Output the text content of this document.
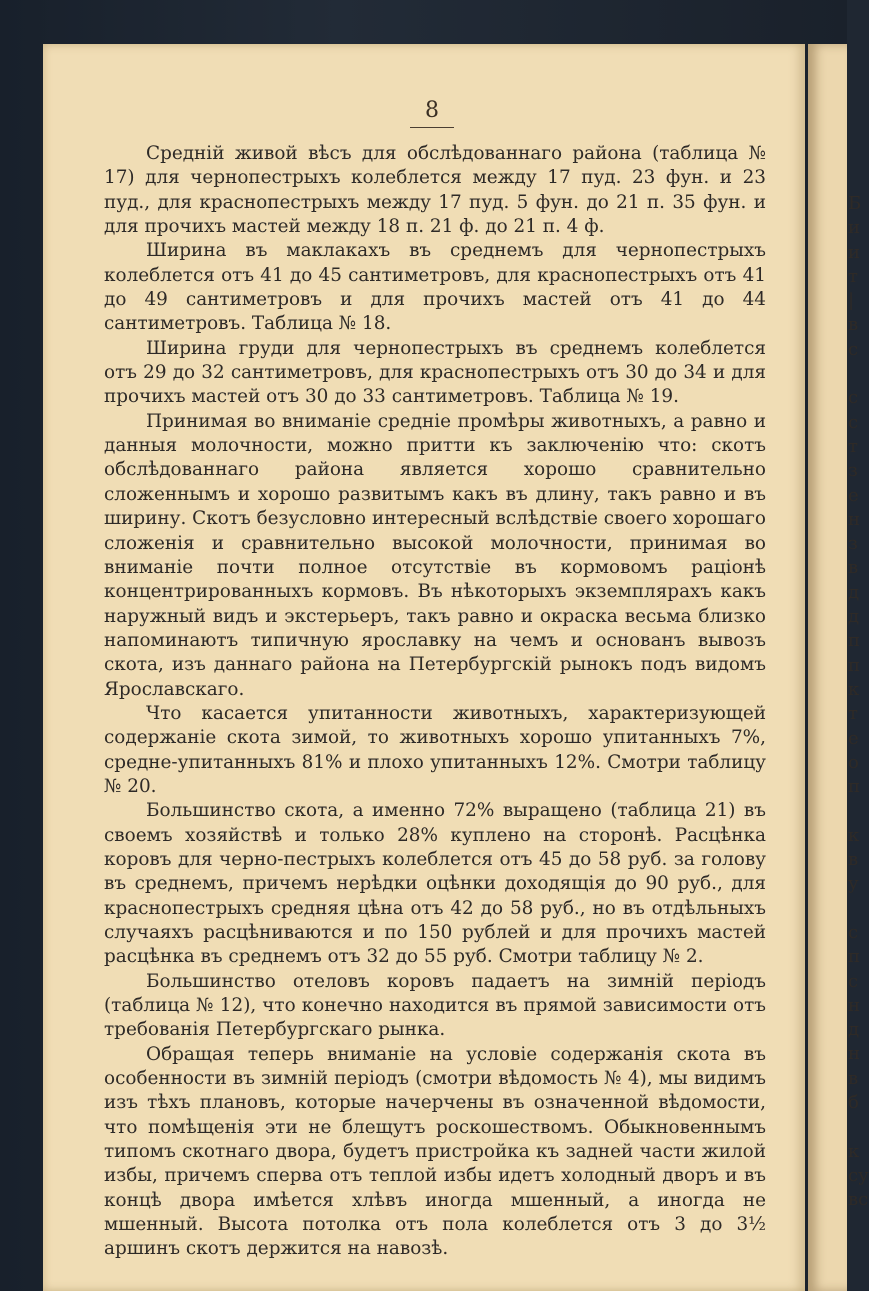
8

Средній живой вѣсъ для обслѣдованнаго района (таблица № 17) для чернопестрыхъ колеблется между 17 пуд. 23 фун. и 23 пуд., для краснопестрыхъ между 17 пуд. 5 фун. до 21 п. 35 фун. и для прочихъ мастей между 18 п. 21 ф. до 21 п. 4 ф.

Ширина въ маклакахъ въ среднемъ для чернопестрыхъ колеблется отъ 41 до 45 сантиметровъ, для краснопестрыхъ отъ 41 до 49 сантиметровъ и для прочихъ мастей отъ 41 до 44 сантиметровъ. Таблица № 18.

Ширина груди для чернопестрыхъ въ среднемъ колеблется отъ 29 до 32 сантиметровъ, для краснопестрыхъ отъ 30 до 34 и для прочихъ мастей отъ 30 до 33 сантиметровъ. Таблица № 19.

Принимая во вниманіе средніе промѣры животныхъ, а равно и данныя молочности, можно притти къ заключенію что: скотъ обслѣдованнаго района является хорошо сравнительно сложеннымъ и хорошо развитымъ какъ въ длину, такъ равно и въ ширину. Скотъ безусловно интересный вслѣдствіе своего хорошаго сложенія и сравнительно высокой молочности, принимая во вниманіе почти полное отсутствіе въ кормовомъ раціонѣ концентрированныхъ кормовъ. Въ нѣкоторыхъ экземплярахъ какъ наружный видъ и экстерьеръ, такъ равно и окраска весьма близко напоминаютъ типичную ярославку на чемъ и основанъ вывозъ скота, изъ даннаго района на Петербургскій рынокъ подъ видомъ Ярославскаго.

Что касается упитанности животныхъ, характеризующей содержаніе скота зимой, то животныхъ хорошо упитанныхъ 7%, средне-упитанныхъ 81% и плохо упитанныхъ 12%. Смотри таблицу № 20.

Большинство скота, а именно 72% выращено (таблица 21) въ своемъ хозяйствѣ и только 28% куплено на сторонѣ. Расцѣнка коровъ для черно-пестрыхъ колеблется отъ 45 до 58 руб. за голову въ среднемъ, причемъ нерѣдки оцѣнки доходящія до 90 руб., для краснопестрыхъ средняя цѣна отъ 42 до 58 руб., но въ отдѣльныхъ случаяхъ расцѣниваются и по 150 рублей и для прочихъ мастей расцѣнка въ среднемъ отъ 32 до 55 руб. Смотри таблицу № 2.

Большинство отеловъ коровъ падаетъ на зимній періодъ (таблица № 12), что конечно находится въ прямой зависимости отъ требованія Петербургскаго рынка.

Обращая теперь вниманіе на условіе содержанія скота въ особенности въ зимній періодъ (смотри вѣдомость № 4), мы видимъ изъ тѣхъ плановъ, которые начерчены въ означенной вѣдомости, что помѣщенія эти не блещутъ роскошествомъ. Обыкновеннымъ типомъ скотнаго двора, будетъ пристройка къ задней части жилой избы, причемъ сперва отъ теплой избы идетъ холодный дворъ и въ концѣ двора имѣется хлѣвъ иногда мшенный, а иногда не мшенный. Высота потолка отъ пола колеблется отъ 3 до 3½ аршинъ скотъ держится на навозѣ.

Б
и
и
т
|
в
с
с
с
т
з
е
н
з
в
д
д
п
п
к
т
е
о
п
к
в
у
с
п
с
н
д
н
в
б
к
су
вс
